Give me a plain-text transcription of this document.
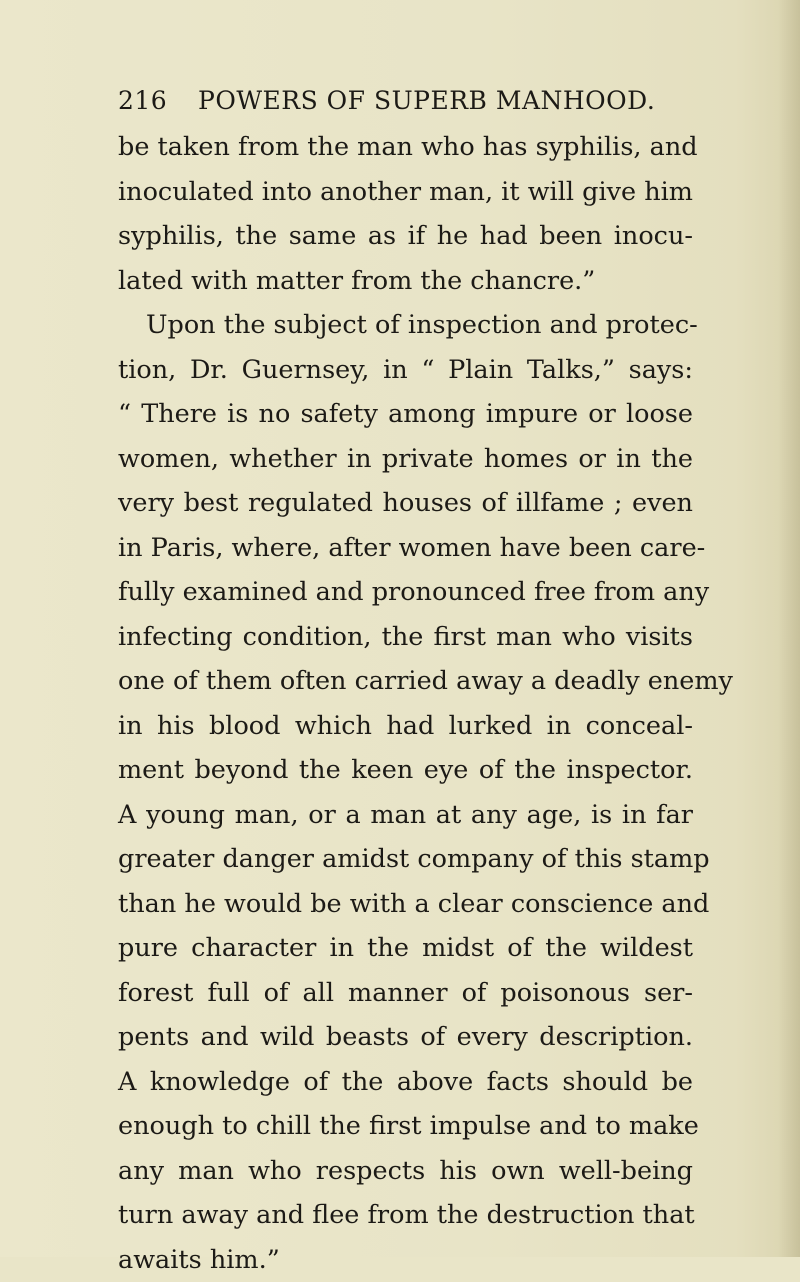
216 POWERS OF SUPERB MANHOOD.
be taken from the man who has syphilis, and
inoculated into another man, it will give him
syphilis, the same as if he had been inocu-
lated with matter from the chancre.”
Upon the subject of inspection and protec-
tion, Dr. Guernsey, in “ Plain Talks,” says:
“ There is no safety among impure or loose
women, whether in private homes or in the
very best regulated houses of illfame ; even
in Paris, where, after women have been care-
fully examined and pronounced free from any
infecting condition, the first man who visits
one of them often carried away a deadly enemy
in his blood which had lurked in conceal-
ment beyond the keen eye of the inspector.
A young man, or a man at any age, is in far
greater danger amidst company of this stamp
than he would be with a clear conscience and
pure character in the midst of the wildest
forest full of all manner of poisonous ser-
pents and wild beasts of every description.
A knowledge of the above facts should be
enough to chill the first impulse and to make
any man who respects his own well-being
turn away and flee from the destruction that
awaits him.”
